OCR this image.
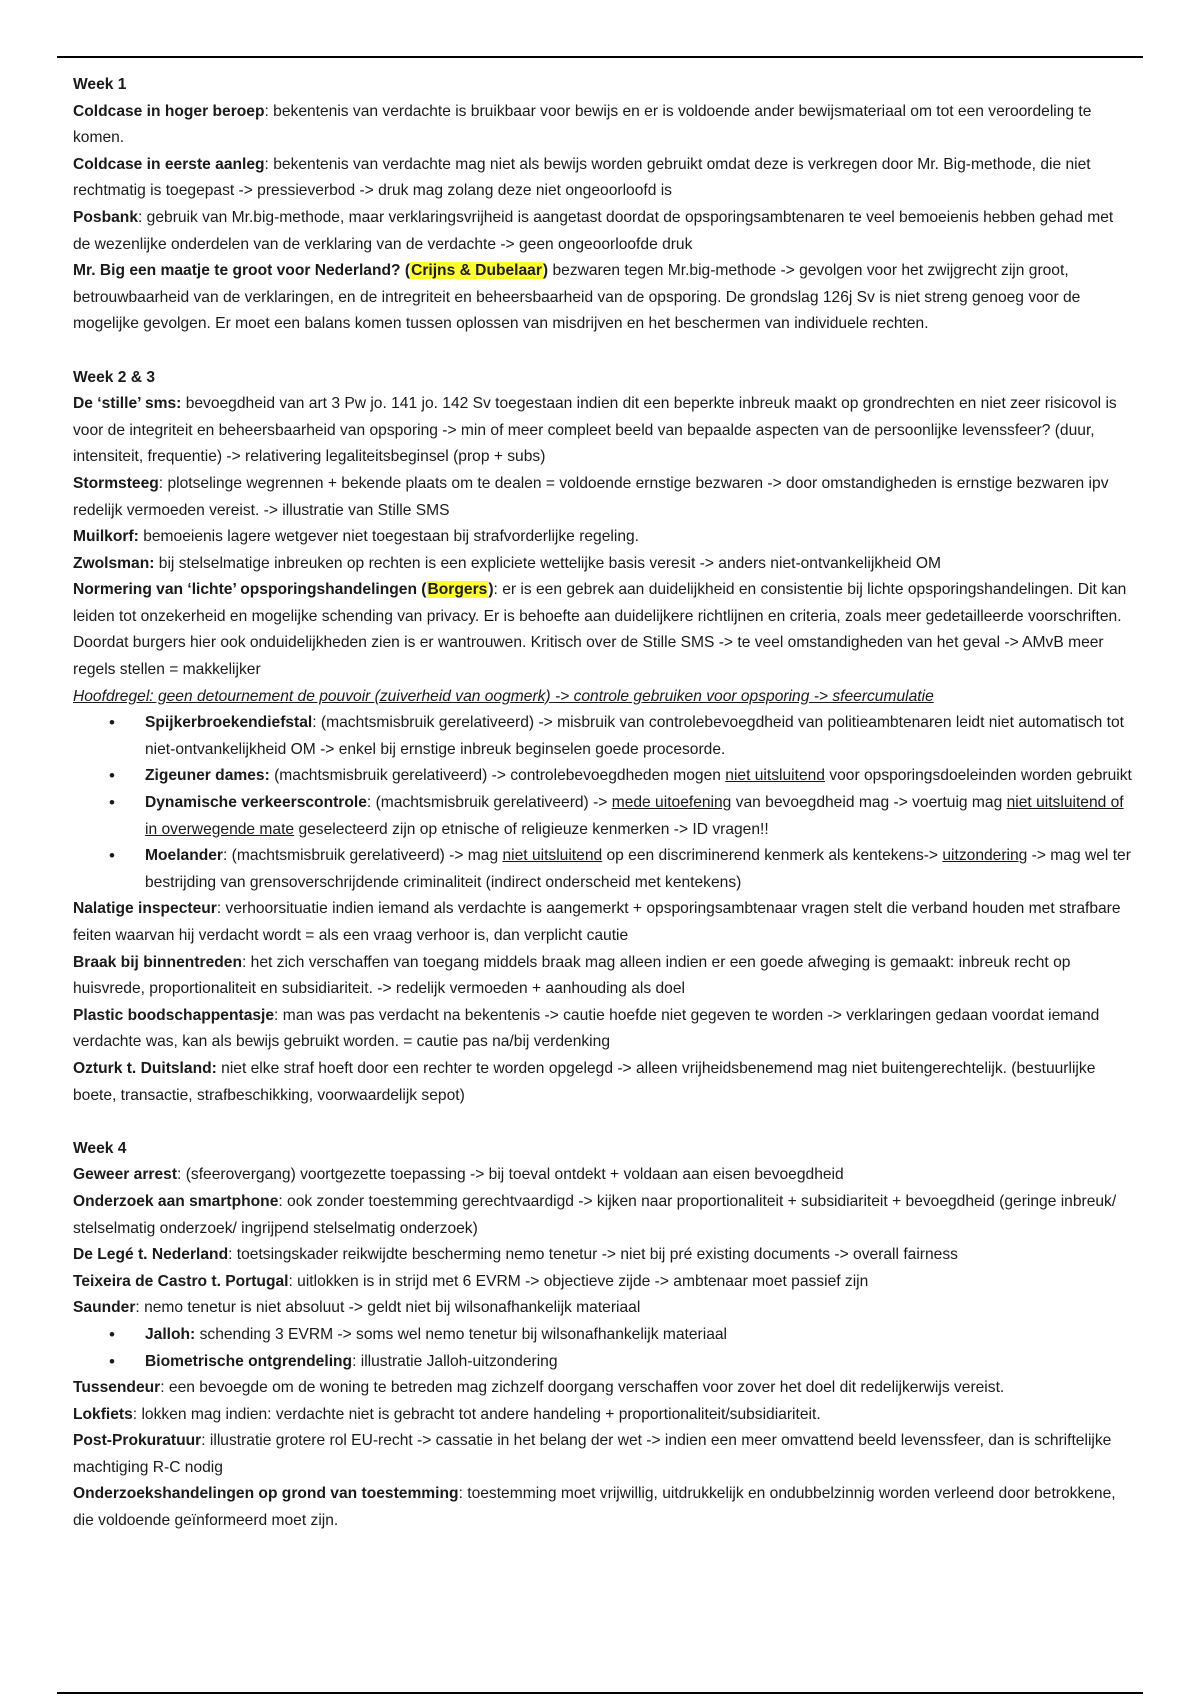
Week 1

Coldcase in hoger beroep: bekentenis van verdachte is bruikbaar voor bewijs en er is voldoende ander bewijsmateriaal om tot een veroordeling te komen.

Coldcase in eerste aanleg: bekentenis van verdachte mag niet als bewijs worden gebruikt omdat deze is verkregen door Mr. Big-methode, die niet rechtmatig is toegepast -> pressieverbod -> druk mag zolang deze niet ongeoorloofd is

Posbank: gebruik van Mr.big-methode, maar verklaringsvrijheid is aangetast doordat de opsporingsambtenaren te veel bemoeienis hebben gehad met de wezenlijke onderdelen van de verklaring van de verdachte -> geen ongeoorloofde druk

Mr. Big een maatje te groot voor Nederland? (Crijns & Dubelaar) bezwaren tegen Mr.big-methode -> gevolgen voor het zwijgrecht zijn groot, betrouwbaarheid van de verklaringen, en de intregriteit en beheersbaarheid van de opsporing. De grondslag 126j Sv is niet streng genoeg voor de mogelijke gevolgen. Er moet een balans komen tussen oplossen van misdrijven en het beschermen van individuele rechten.

Week 2 & 3

De ‘stille’ sms: bevoegdheid van art 3 Pw jo. 141 jo. 142 Sv toegestaan indien dit een beperkte inbreuk maakt op grondrechten en niet zeer risicovol is voor de integriteit en beheersbaarheid van opsporing -> min of meer compleet beeld van bepaalde aspecten van de persoonlijke levenssfeer? (duur, intensiteit, frequentie) -> relativering legaliteitsbeginsel (prop + subs)

Stormsteeg: plotselinge wegrennen + bekende plaats om te dealen = voldoende ernstige bezwaren -> door omstandigheden is ernstige bezwaren ipv redelijk vermoeden vereist. -> illustratie van Stille SMS

Muilkorf: bemoeienis lagere wetgever niet toegestaan bij strafvorderlijke regeling.

Zwolsman: bij stelselmatige inbreuken op rechten is een expliciete wettelijke basis veresit -> anders niet-ontvankelijkheid OM

Normering van ‘lichte’ opsporingshandelingen (Borgers): er is een gebrek aan duidelijkheid en consistentie bij lichte opsporingshandelingen. Dit kan leiden tot onzekerheid en mogelijke schending van privacy. Er is behoefte aan duidelijkere richtlijnen en criteria, zoals meer gedetailleerde voorschriften. Doordat burgers hier ook onduidelijkheden zien is er wantrouwen. Kritisch over de Stille SMS -> te veel omstandigheden van het geval -> AMvB meer regels stellen = makkelijker

Hoofdregel: geen detournement de pouvoir (zuiverheid van oogmerk) -> controle gebruiken voor opsporing -> sfeercumulatie

• Spijkerbroekendiefstal: (machtsmisbruik gerelativeerd) -> misbruik van controlebevoegdheid van politieambtenaren leidt niet automatisch tot niet-ontvankelijkheid OM -> enkel bij ernstige inbreuk beginselen goede procesorde.
• Zigeuner dames: (machtsmisbruik gerelativeerd) -> controlebevoegdheden mogen niet uitsluitend voor opsporingsdoeleinden worden gebruikt
• Dynamische verkeerscontrole: (machtsmisbruik gerelativeerd) -> mede uitoefening van bevoegdheid mag -> voertuig mag niet uitsluitend of in overwegende mate geselecteerd zijn op etnische of religieuze kenmerken -> ID vragen!!
• Moelander: (machtsmisbruik gerelativeerd) -> mag niet uitsluitend op een discriminerend kenmerk als kentekens-> uitzondering -> mag wel ter bestrijding van grensoverschrijdende criminaliteit (indirect onderscheid met kentekens)

Nalatige inspecteur: verhoorsituatie indien iemand als verdachte is aangemerkt + opsporingsambtenaar vragen stelt die verband houden met strafbare feiten waarvan hij verdacht wordt = als een vraag verhoor is, dan verplicht cautie

Braak bij binnentreden: het zich verschaffen van toegang middels braak mag alleen indien er een goede afweging is gemaakt: inbreuk recht op huisvrede, proportionaliteit en subsidiariteit. -> redelijk vermoeden + aanhouding als doel

Plastic boodschappentasje: man was pas verdacht na bekentenis -> cautie hoefde niet gegeven te worden -> verklaringen gedaan voordat iemand verdachte was, kan als bewijs gebruikt worden. = cautie pas na/bij verdenking

Ozturk t. Duitsland: niet elke straf hoeft door een rechter te worden opgelegd -> alleen vrijheidsbenemend mag niet buitengerechtelijk. (bestuurlijke boete, transactie, strafbeschikking, voorwaardelijk sepot)

Week 4

Geweer arrest: (sfeerovergang) voortgezette toepassing -> bij toeval ontdekt + voldaan aan eisen bevoegdheid

Onderzoek aan smartphone: ook zonder toestemming gerechtvaardigd -> kijken naar proportionaliteit + subsidiariteit + bevoegdheid (geringe inbreuk/ stelselmatig onderzoek/ ingrijpend stelselmatig onderzoek)

De Legé t. Nederland: toetsingskader reikwijdte bescherming nemo tenetur -> niet bij pré existing documents -> overall fairness

Teixeira de Castro t. Portugal: uitlokken is in strijd met 6 EVRM -> objectieve zijde -> ambtenaar moet passief zijn

Saunder: nemo tenetur is niet absoluut -> geldt niet bij wilsonafhankelijk materiaal

• Jalloh: schending 3 EVRM -> soms wel nemo tenetur bij wilsonafhankelijk materiaal
• Biometrische ontgrendeling: illustratie Jalloh-uitzondering

Tussendeur: een bevoegde om de woning te betreden mag zichzelf doorgang verschaffen voor zover het doel dit redelijkerwijs vereist.

Lokfiets: lokken mag indien: verdachte niet is gebracht tot andere handeling + proportionaliteit/subsidiariteit.

Post-Prokuratuur: illustratie grotere rol EU-recht -> cassatie in het belang der wet -> indien een meer omvattend beeld levenssfeer, dan is schriftelijke machtiging R-C nodig

Onderzoekshandelingen op grond van toestemming: toestemming moet vrijwillig, uitdrukkelijk en ondubbelzinnig worden verleend door betrokkene, die voldoende geïnformeerd moet zijn.
